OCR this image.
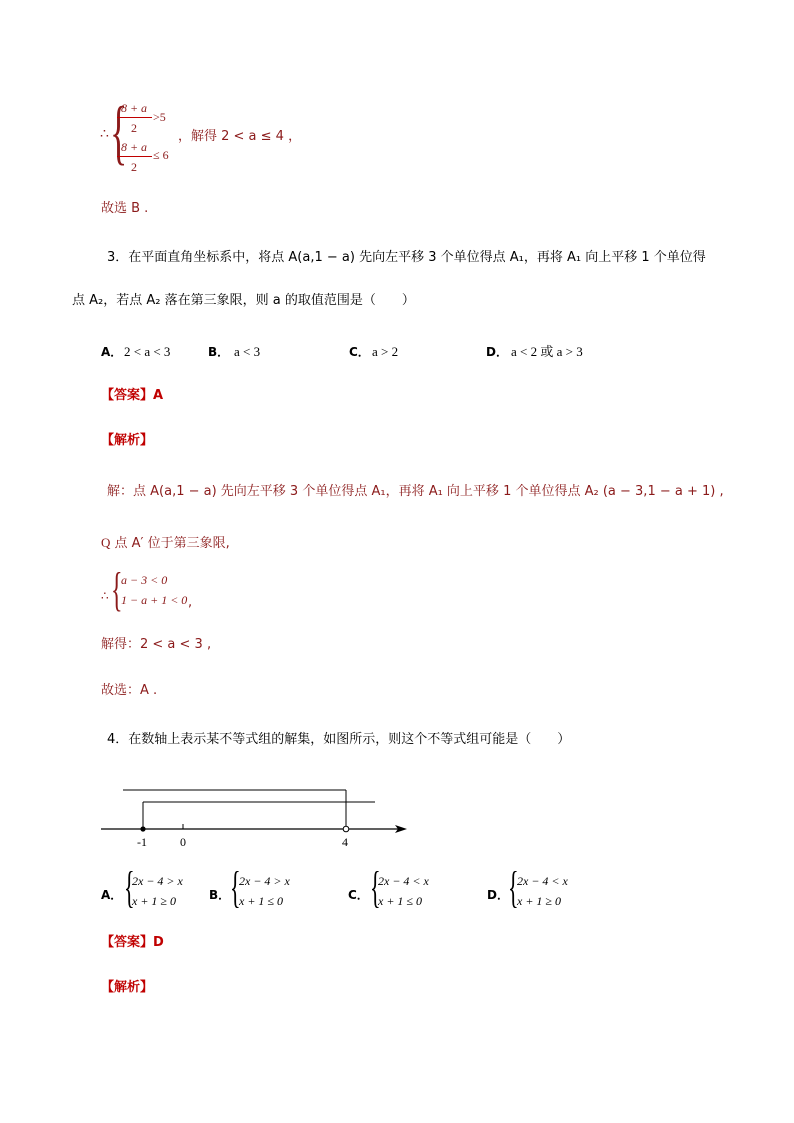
∴ {
8 + a
2
>5
8 + a
2
≤ 6
，解得 2 < a ≤ 4 ，
故选 B .
3．在平面直角坐标系中，将点 A(a,1 − a) 先向左平移 3 个单位得点 A₁，再将 A₁ 向上平移 1 个单位得
点 A₂，若点 A₂ 落在第三象限，则 a 的取值范围是（　　）
A． 2 < a < 3	B． a < 3	C． a > 2	D． a < 2 或 a > 3
【答案】A
【解析】
解：点 A(a,1 − a) 先向左平移 3 个单位得点 A₁，再将 A₁ 向上平移 1 个单位得点 A₂ (a − 3,1 − a + 1) ,
Q 点 A′ 位于第三象限,
∴ {
a − 3 < 0
1 − a + 1 < 0 ,
解得：2 < a < 3 ,
故选：A .
4．在数轴上表示某不等式组的解集，如图所示，则这个不等式组可能是（　　）
-1	0	4
A． {
2x − 4 > x
x + 1 ≥ 0	B． {
2x − 4 > x
x + 1 ≤ 0	C． {
2x − 4 < x
x + 1 ≤ 0	D． {
2x − 4 < x
x + 1 ≥ 0
【答案】D
【解析】
